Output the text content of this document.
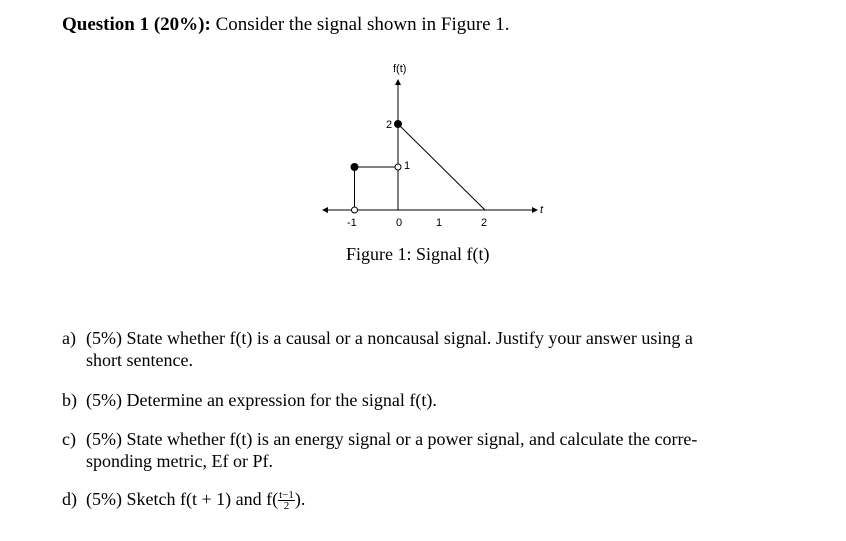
Question 1 (20%): Consider the signal shown in Figure 1.
f(t)
t
-1	0	1	2
2
1
Figure 1: Signal f(t)
a) (5%) State whether f(t) is a causal or a noncausal signal. Justify your answer using a
short sentence.
b) (5%) Determine an expression for the signal f(t).
c) (5%) State whether f(t) is an energy signal or a power signal, and calculate the corre-
sponding metric, Ef or Pf.
d) (5%) Sketch f(t + 1) and $f( \frac{t-1}{2}$ ).
